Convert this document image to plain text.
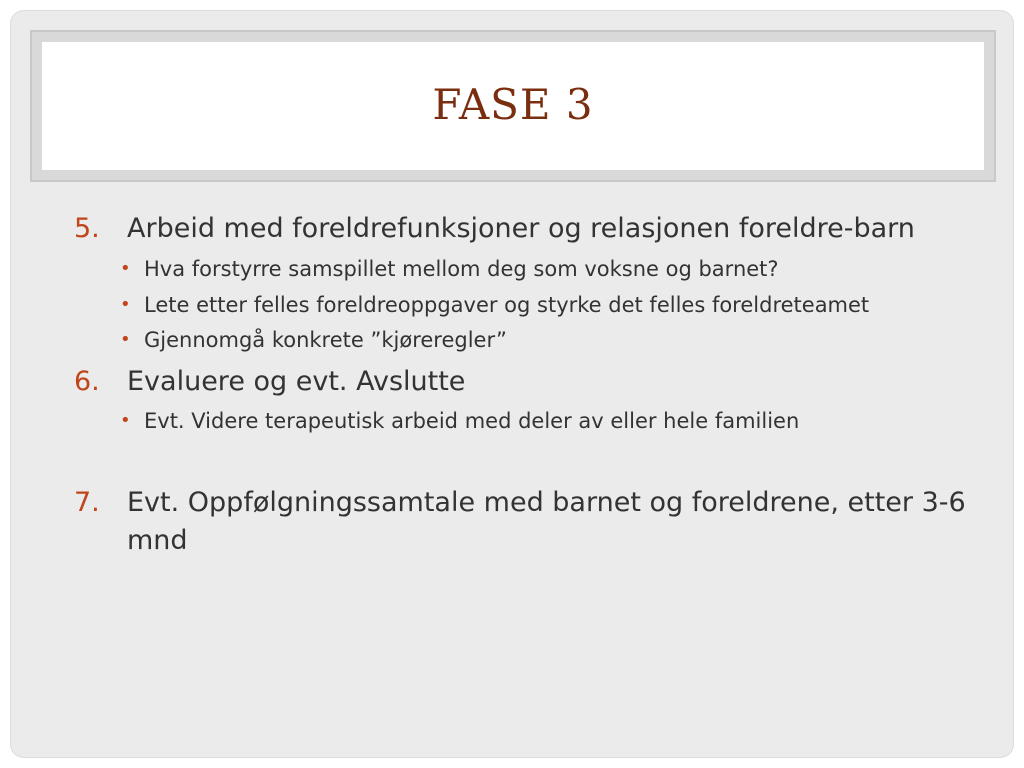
FASE 3
5.	Arbeid med foreldrefunksjoner og relasjonen foreldre-barn
• Hva forstyrre samspillet mellom deg som voksne og barnet?
• Lete etter felles foreldreoppgaver og styrke det felles foreldreteamet
• Gjennomgå konkrete ”kjøreregler”
6.	Evaluere og evt. Avslutte
• Evt. Videre terapeutisk arbeid med deler av eller hele familien
7.	Evt. Oppfølgningssamtale med barnet og foreldrene, etter 3-6 mnd
